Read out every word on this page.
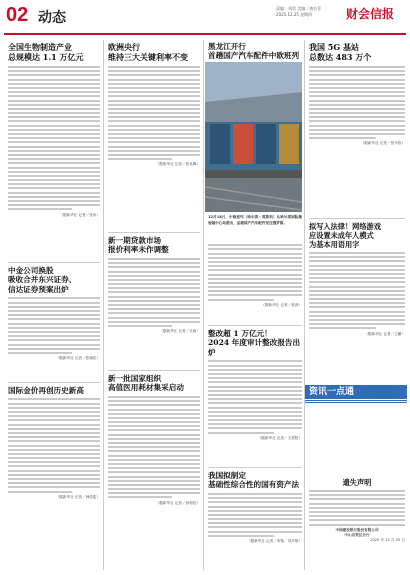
02 动态
责编｜刘贺 美编｜唐拉菲
2025.12.25 星期四	财会信报
全国生物制造产业
总规模达 1.1 万亿元
（据新华社 记者／张泉）
中金公司换股
吸收合并东兴证券、
信达证券预案出炉
（据新华社 记者／张晓佳）
国际金价再创历史新高
（据新华社 记者／韩佳铭）
欧洲央行
维持三大关键利率不变
（据新华社 记者／张兆卿）
新一期贷款市场
报价利率未作调整
（据新华社 记者／吴雨）
新一批国家组织
高值医用耗材集采启动
（据新华社 记者／彭韵佳）
黑龙江开行
首趟国产汽车配件中欧班列
12月18日，中欧班列（哈尔滨－莫斯科）从哈尔滨国际集装箱中心站驶出，运载国产汽车配件发往俄罗斯。
（据新华社 记者／张涛）
整改超 1 万亿元！
2024 年度审计整改报告出炉
（据新华社 记者／王悦阳）
我国拟制定
基础性综合性的国有资产法
（据新华社 记者／申铖、刘开雄）
我国 5G 基站
总数达 483 万个
（据新华社 记者／张辛欣）
拟写入法律！网络游戏
应设置未成年人模式
为基本用语用字
（据新华社 记者／王鹏）
资讯一点通
遗失声明
中国建设银行股份有限公司
中山自贸区分行
2025 年 12 月 25 日
